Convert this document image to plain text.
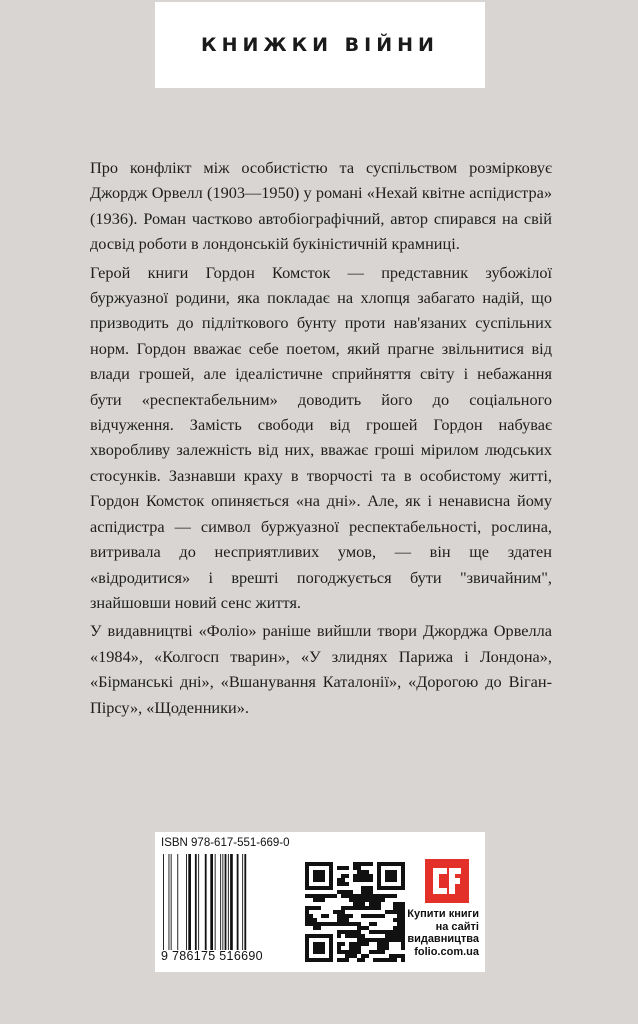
КНИЖКИ ВІЙНИ

Про конфлікт між особистістю та суспільством розмірковує Джордж Орвелл (1903—1950) у романі «Нехай квітне аспідистра» (1936). Роман частково автобіографічний, автор спирався на свій досвід роботи в лондонській букіністичній крамниці.

Герой книги Гордон Комсток — представник зубожілої буржуазної родини, яка покладає на хлопця забагато надій, що призводить до підліткового бунту проти нав'язаних суспільних норм. Гордон вважає себе поетом, який прагне звільнитися від влади грошей, але ідеалістичне сприйняття світу і небажання бути «респектабельним» доводить його до соціального відчуження. Замість свободи від грошей Гордон набуває хворобливу залежність від них, вважає гроші мірилом людських стосунків. Зазнавши краху в творчості та в особистому житті, Гордон Комсток опиняється «на дні». Але, як і ненависна йому аспідистра — символ буржуазної респектабельності, рослина, витривала до несприятливих умов, — він ще здатен «відродитися» і врешті погоджується бути "звичайним", знайшовши новий сенс життя.

У видавництві «Фоліо» раніше вийшли твори Джорджа Орвелла «1984», «Колгосп тварин», «У злиднях Парижа і Лондона», «Бірманські дні», «Вшанування Каталонії», «Дорогою до Віган-Пірсу», «Щоденники».

ISBN 978-617-551-669-0
9 786175 516690
Купити книги
на сайті
видавництва
folio.com.ua
